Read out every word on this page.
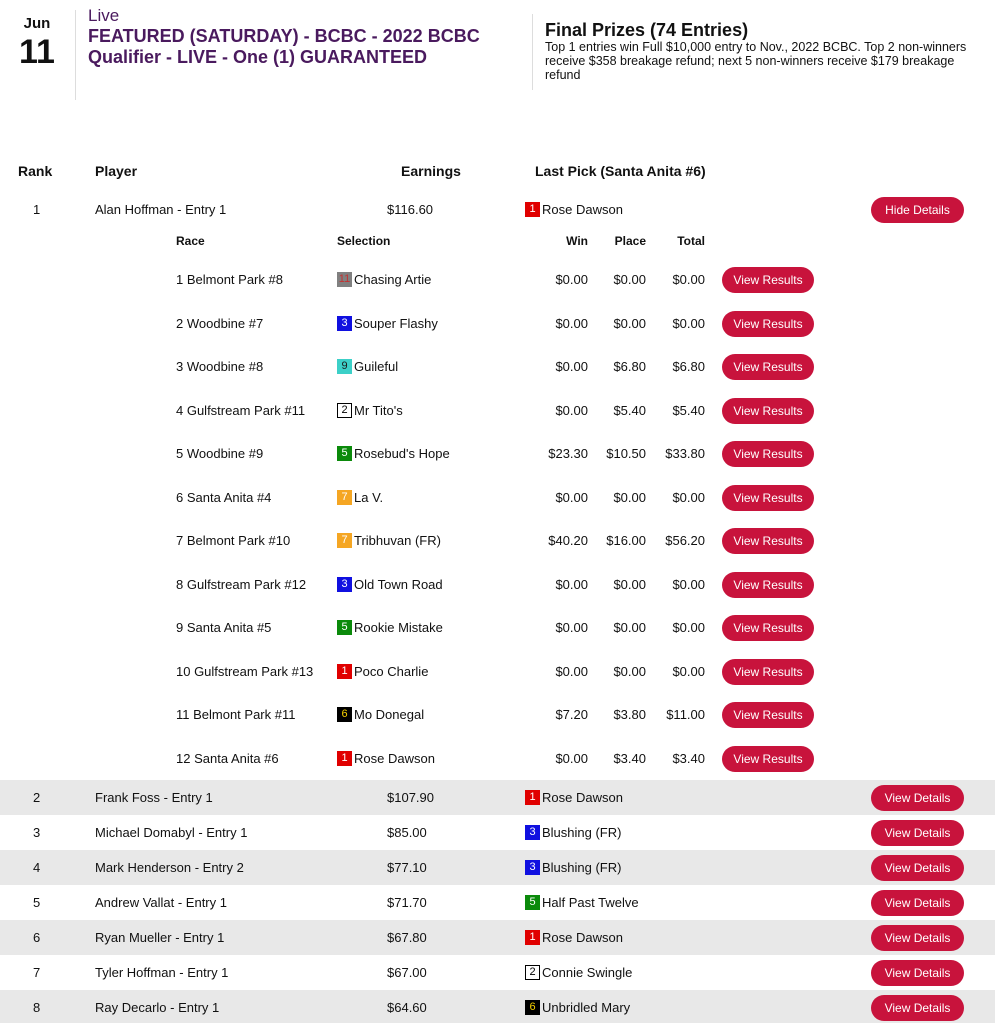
Jun
11
Live
FEATURED (SATURDAY) - BCBC - 2022 BCBC Qualifier - LIVE - One (1) GUARANTEED
Final Prizes (74 Entries)
Top 1 entries win Full $10,000 entry to Nov., 2022 BCBC. Top 2 non-winners receive $358 breakage refund; next 5 non-winners receive $179 breakage refund
Rank	Player	Earnings	Last Pick (Santa Anita #6)
1	Alan Hoffman - Entry 1	$116.60	1 Rose Dawson	Hide Details
Race	Selection	Win	Place	Total
1 Belmont Park #8	11 Chasing Artie	$0.00	$0.00	$0.00	View Results
2 Woodbine #7	3 Souper Flashy	$0.00	$0.00	$0.00	View Results
3 Woodbine #8	9 Guileful	$0.00	$6.80	$6.80	View Results
4 Gulfstream Park #11	2 Mr Tito's	$0.00	$5.40	$5.40	View Results
5 Woodbine #9	5 Rosebud's Hope	$23.30	$10.50	$33.80	View Results
6 Santa Anita #4	7 La V.	$0.00	$0.00	$0.00	View Results
7 Belmont Park #10	7 Tribhuvan (FR)	$40.20	$16.00	$56.20	View Results
8 Gulfstream Park #12	3 Old Town Road	$0.00	$0.00	$0.00	View Results
9 Santa Anita #5	5 Rookie Mistake	$0.00	$0.00	$0.00	View Results
10 Gulfstream Park #13	1 Poco Charlie	$0.00	$0.00	$0.00	View Results
11 Belmont Park #11	6 Mo Donegal	$7.20	$3.80	$11.00	View Results
12 Santa Anita #6	1 Rose Dawson	$0.00	$3.40	$3.40	View Results
2	Frank Foss - Entry 1	$107.90	1 Rose Dawson	View Details
3	Michael Domabyl - Entry 1	$85.00	3 Blushing (FR)	View Details
4	Mark Henderson - Entry 2	$77.10	3 Blushing (FR)	View Details
5	Andrew Vallat - Entry 1	$71.70	5 Half Past Twelve	View Details
6	Ryan Mueller - Entry 1	$67.80	1 Rose Dawson	View Details
7	Tyler Hoffman - Entry 1	$67.00	2 Connie Swingle	View Details
8	Ray Decarlo - Entry 1	$64.60	6 Unbridled Mary	View Details
